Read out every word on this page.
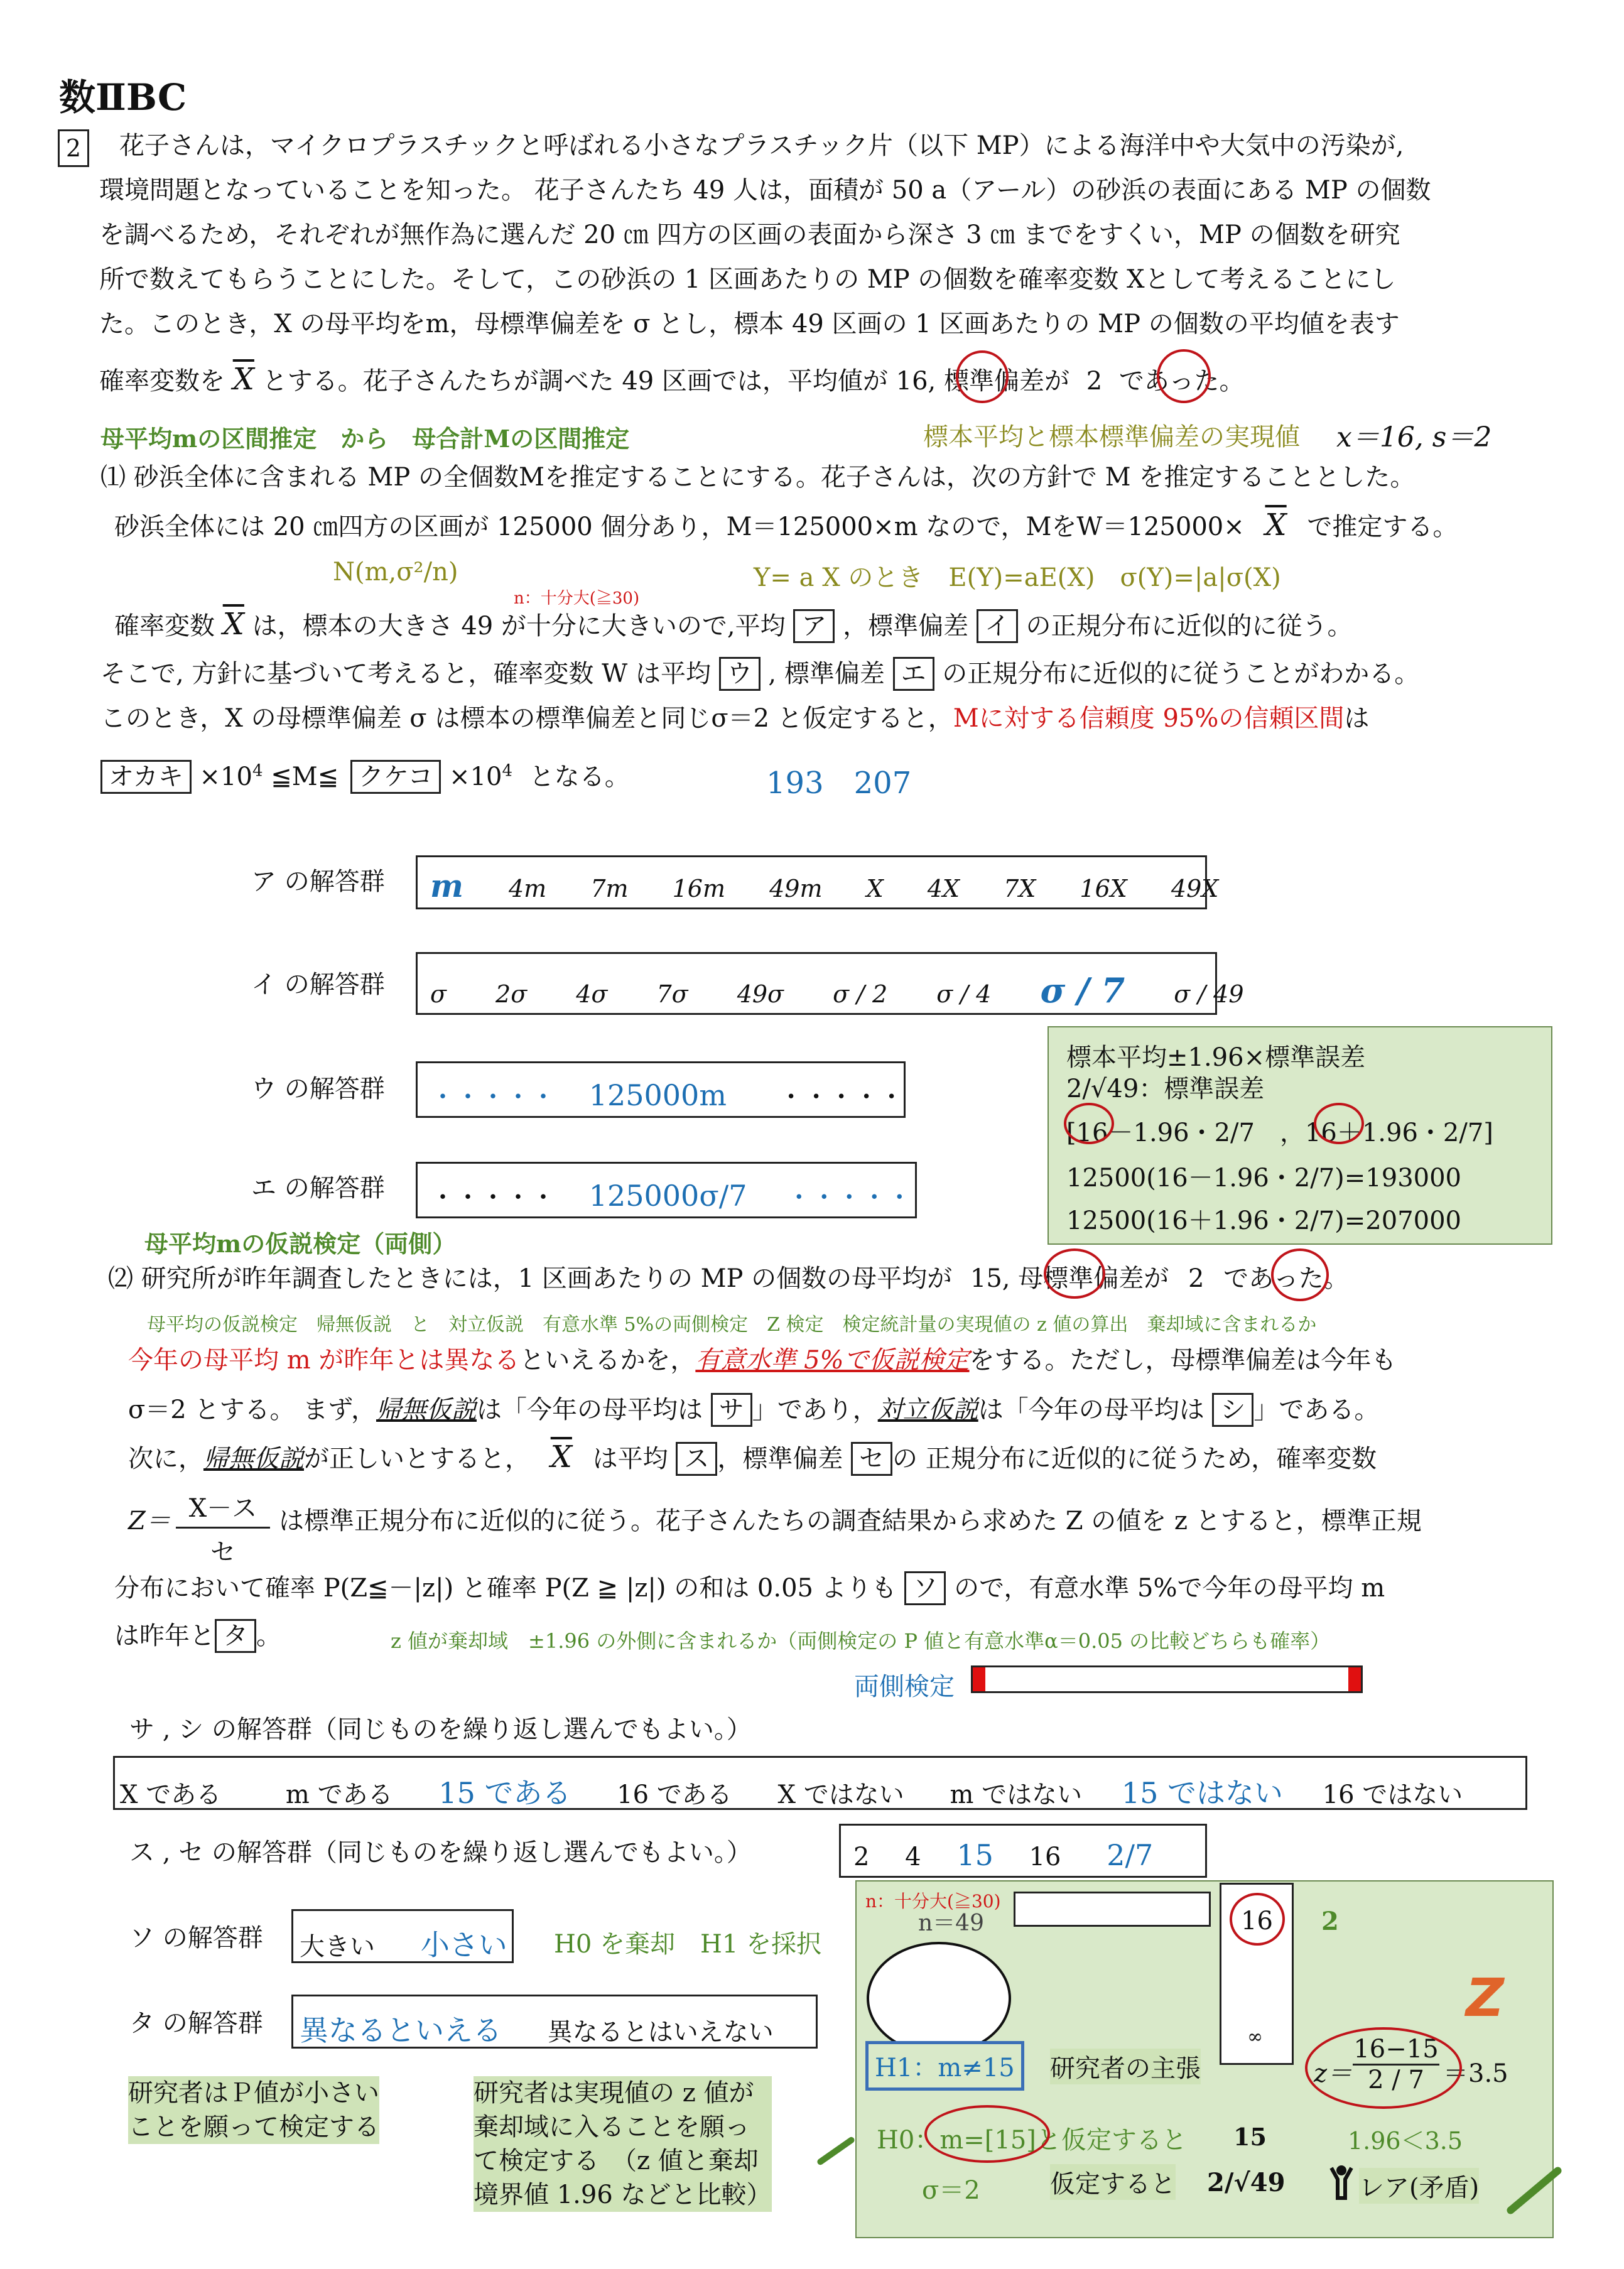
数ⅡBC
2	花子さんは，マイクロプラスチックと呼ばれる小さなプラスチック片（以下 MP）による海洋中や大気中の汚染が,
環境問題となっていることを知った。 花子さんたち 49 人は，面積が 50 a（アール）の砂浜の表面にある MP の個数
を調べるため，それぞれが無作為に選んだ 20 ㎝ 四方の区画の表面から深さ 3 ㎝ までをすくい，MP の個数を研究
所で数えてもらうことにした。そして，この砂浜の 1 区画あたりの MP の個数を確率変数 Xとして考えることにし
た。このとき，X の母平均をm，母標準偏差を σ とし，標本 49 区画の 1 区画あたりの MP の個数の平均値を表す
確率変数を $\overline{X}$ とする。花子さんたちが調べた 49 区画では，平均値が 16, 標準偏差が 2 であった。
母平均mの区間推定　から　母合計Mの区間推定	標本平均と標本標準偏差の実現値 x＝16, s＝2
⑴ 砂浜全体に含まれる MP の全個数Mを推定することにする。花子さんは，次の方針で M を推定することとした。
砂浜全体には 20 ㎝四方の区画が 125000 個分あり，M＝125000×m なので，Mを$W=125000\times \overline{X}$ で推定する。
N(m,σ²/n)	Y= a X のとき　E(Y)=aE(X)　σ(Y)=|a|σ(X)
n：十分大(≧30)
確率変数 $\overline{X}$ は，標本の大きさ 49 が十分に大きいので,平均 ア ，標準偏差 イ の正規分布に近似的に従う。
そこで, 方針に基づいて考えると，確率変数 W は平均 ウ , 標準偏差 エ の正規分布に近似的に従うことがわかる。
このとき，X の母標準偏差 σ は標本の標準偏差と同じσ＝2 と仮定すると，Mに対する信頼度 95%の信頼区間は
オカキ $\times 10^4$ ≦M≦ クケコ $\times 10^4$ となる。	193　207
ア の解答群	m 4m 7m 16m 49m X 4X 7X 16X 49X
イ の解答群	σ 2σ 4σ 7σ 49σ σ / 2 σ / 4 σ / 7 σ / 49
ウ の解答群	・・・・・ 125000m ・・・・・
エ の解答群	・・・・・ 125000σ/7 ・・・・・
標本平均±1.96×標準誤差
2/√49：標準誤差
[16－1.96・2/7　，16＋1.96・2/7]
12500(16－1.96・2/7)=193000
12500(16＋1.96・2/7)=207000
母平均mの仮説検定（両側）
⑵ 研究所が昨年調査したときには，1 区画あたりの MP の個数の母平均が 15, 母標準偏差が 2 であった。
母平均の仮説検定　帰無仮説　と　対立仮説　有意水準 5%の両側検定　Z 検定　検定統計量の実現値の z 値の算出　棄却域に含まれるか
今年の母平均 m が昨年とは異なるといえるかを，有意水準 5%で仮説検定をする。ただし，母標準偏差は今年も
σ＝2 とする。 まず，帰無仮説は「今年の母平均は サ 」であり，対立仮説は「今年の母平均は シ 」である。
次に，帰無仮説が正しいとすると， $\overline{X}$ は平均 ス ，標準偏差 セ の 正規分布に近似的に従うため，確率変数
Z＝ X－ス
セ
は標準正規分布に近似的に従う。花子さんたちの調査結果から求めた Z の値を z とすると，標準正規
分布において確率 P(Z≦－|z|) と確率 P(Z ≧ |z|) の和は 0.05 よりも ソ ので，有意水準 5%で今年の母平均 m
は昨年と タ 。	z 値が棄却域　±1.96 の外側に含まれるか（両側検定の P 値と有意水準α＝0.05 の比較どちらも確率）
両側検定
サ , シ の解答群（同じものを繰り返し選んでもよい。）
X である	m である 15 である 16 である X ではない m ではない 15 ではない 16 ではない
ス , セ の解答群（同じものを繰り返し選んでもよい。）	2 4 15 16 2/7
ソ の解答群	大きい 小さい H0 を棄却　H1 を採択
タ の解答群 異なるといえる 異なるとはいえない
研究者はＰ値が小さい
ことを願って検定する
研究者は実現値の z 値が
棄却域に入ることを願っ
て検定する　（z 値と棄却
境界値 1.96 などと比較）
n：十分大(≧30)
n＝49	16
∞
2
Z
H1：m≠15	研究者の主張	$z= \frac{16-15}{2 / 7} =3.5$
H0：m=[15]と仮定すると 15	1.96＜3.5
σ＝2	仮定すると 2/√49	レア(矛盾)
